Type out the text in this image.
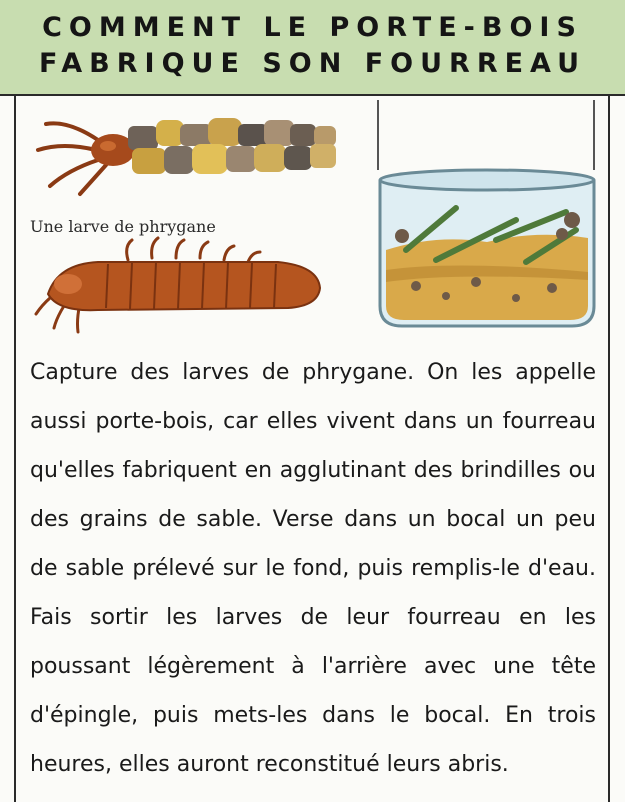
COMMENT LE PORTE-BOIS
FABRIQUE SON FOURREAU
Une larve de phrygane
Capture des larves de phrygane. On les appelle aussi porte-bois, car elles vivent dans un fourreau qu'elles fabriquent en agglutinant des brindilles ou des grains de sable. Verse dans un bocal un peu de sable prélevé sur le fond, puis remplis-le d'eau. Fais sortir les larves de leur fourreau en les poussant légèrement à l'arrière avec une tête d'épingle, puis mets-les dans le bocal. En trois heures, elles auront reconstitué leurs abris.
